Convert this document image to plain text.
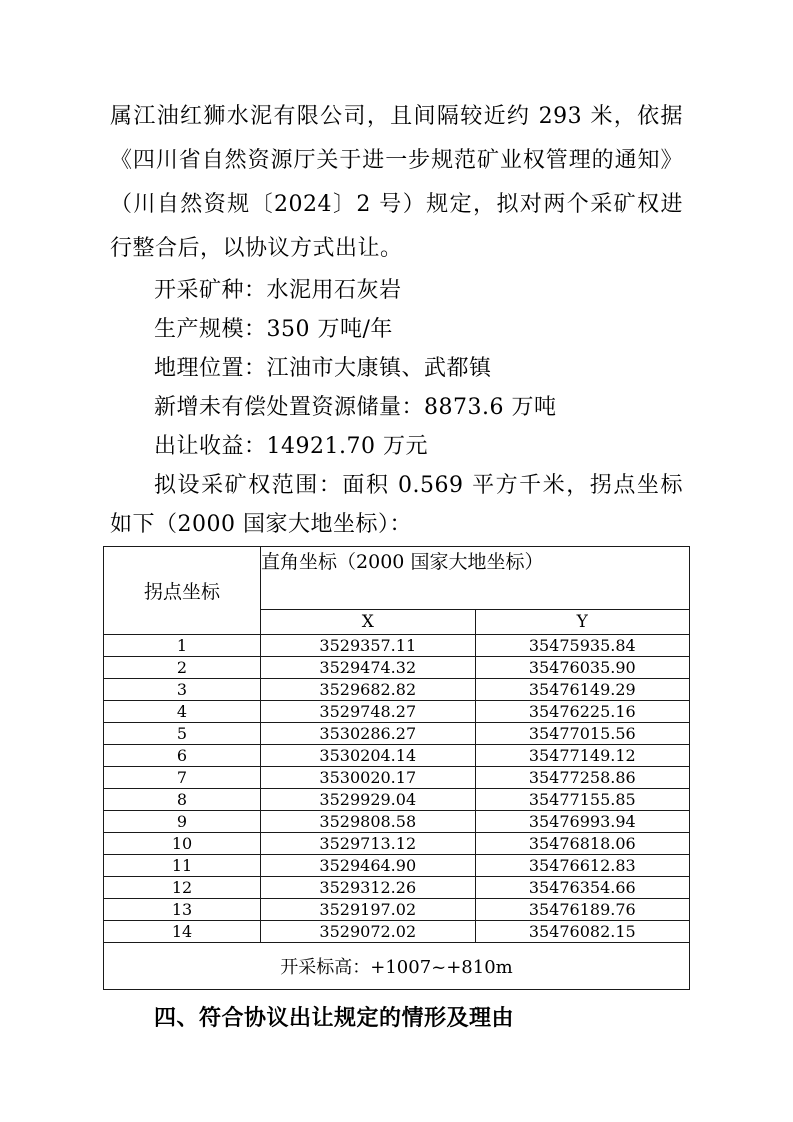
属江油红狮水泥有限公司，且间隔较近约 293 米，依据《四川省自然资源厅关于进一步规范矿业权管理的通知》（川自然资规〔2024〕2 号）规定，拟对两个采矿权进行整合后，以协议方式出让。

开采矿种：水泥用石灰岩

生产规模：350 万吨/年

地理位置：江油市大康镇、武都镇

新增未有偿处置资源储量：8873.6 万吨

出让收益：14921.70 万元

拟设采矿权范围：面积 0.569 平方千米，拐点坐标如下（2000 国家大地坐标）：

拐点坐标	直角坐标（2000 国家大地坐标）	
	X	Y
1	3529357.11	35475935.84
2	3529474.32	35476035.90
3	3529682.82	35476149.29
4	3529748.27	35476225.16
5	3530286.27	35477015.56
6	3530204.14	35477149.12
7	3530020.17	35477258.86
8	3529929.04	35477155.85
9	3529808.58	35476993.94
10	3529713.12	35476818.06
11	3529464.90	35476612.83
12	3529312.26	35476354.66
13	3529197.02	35476189.76
14	3529072.02	35476082.15
开采标高：+1007~+810m		
四、符合协议出让规定的情形及理由
